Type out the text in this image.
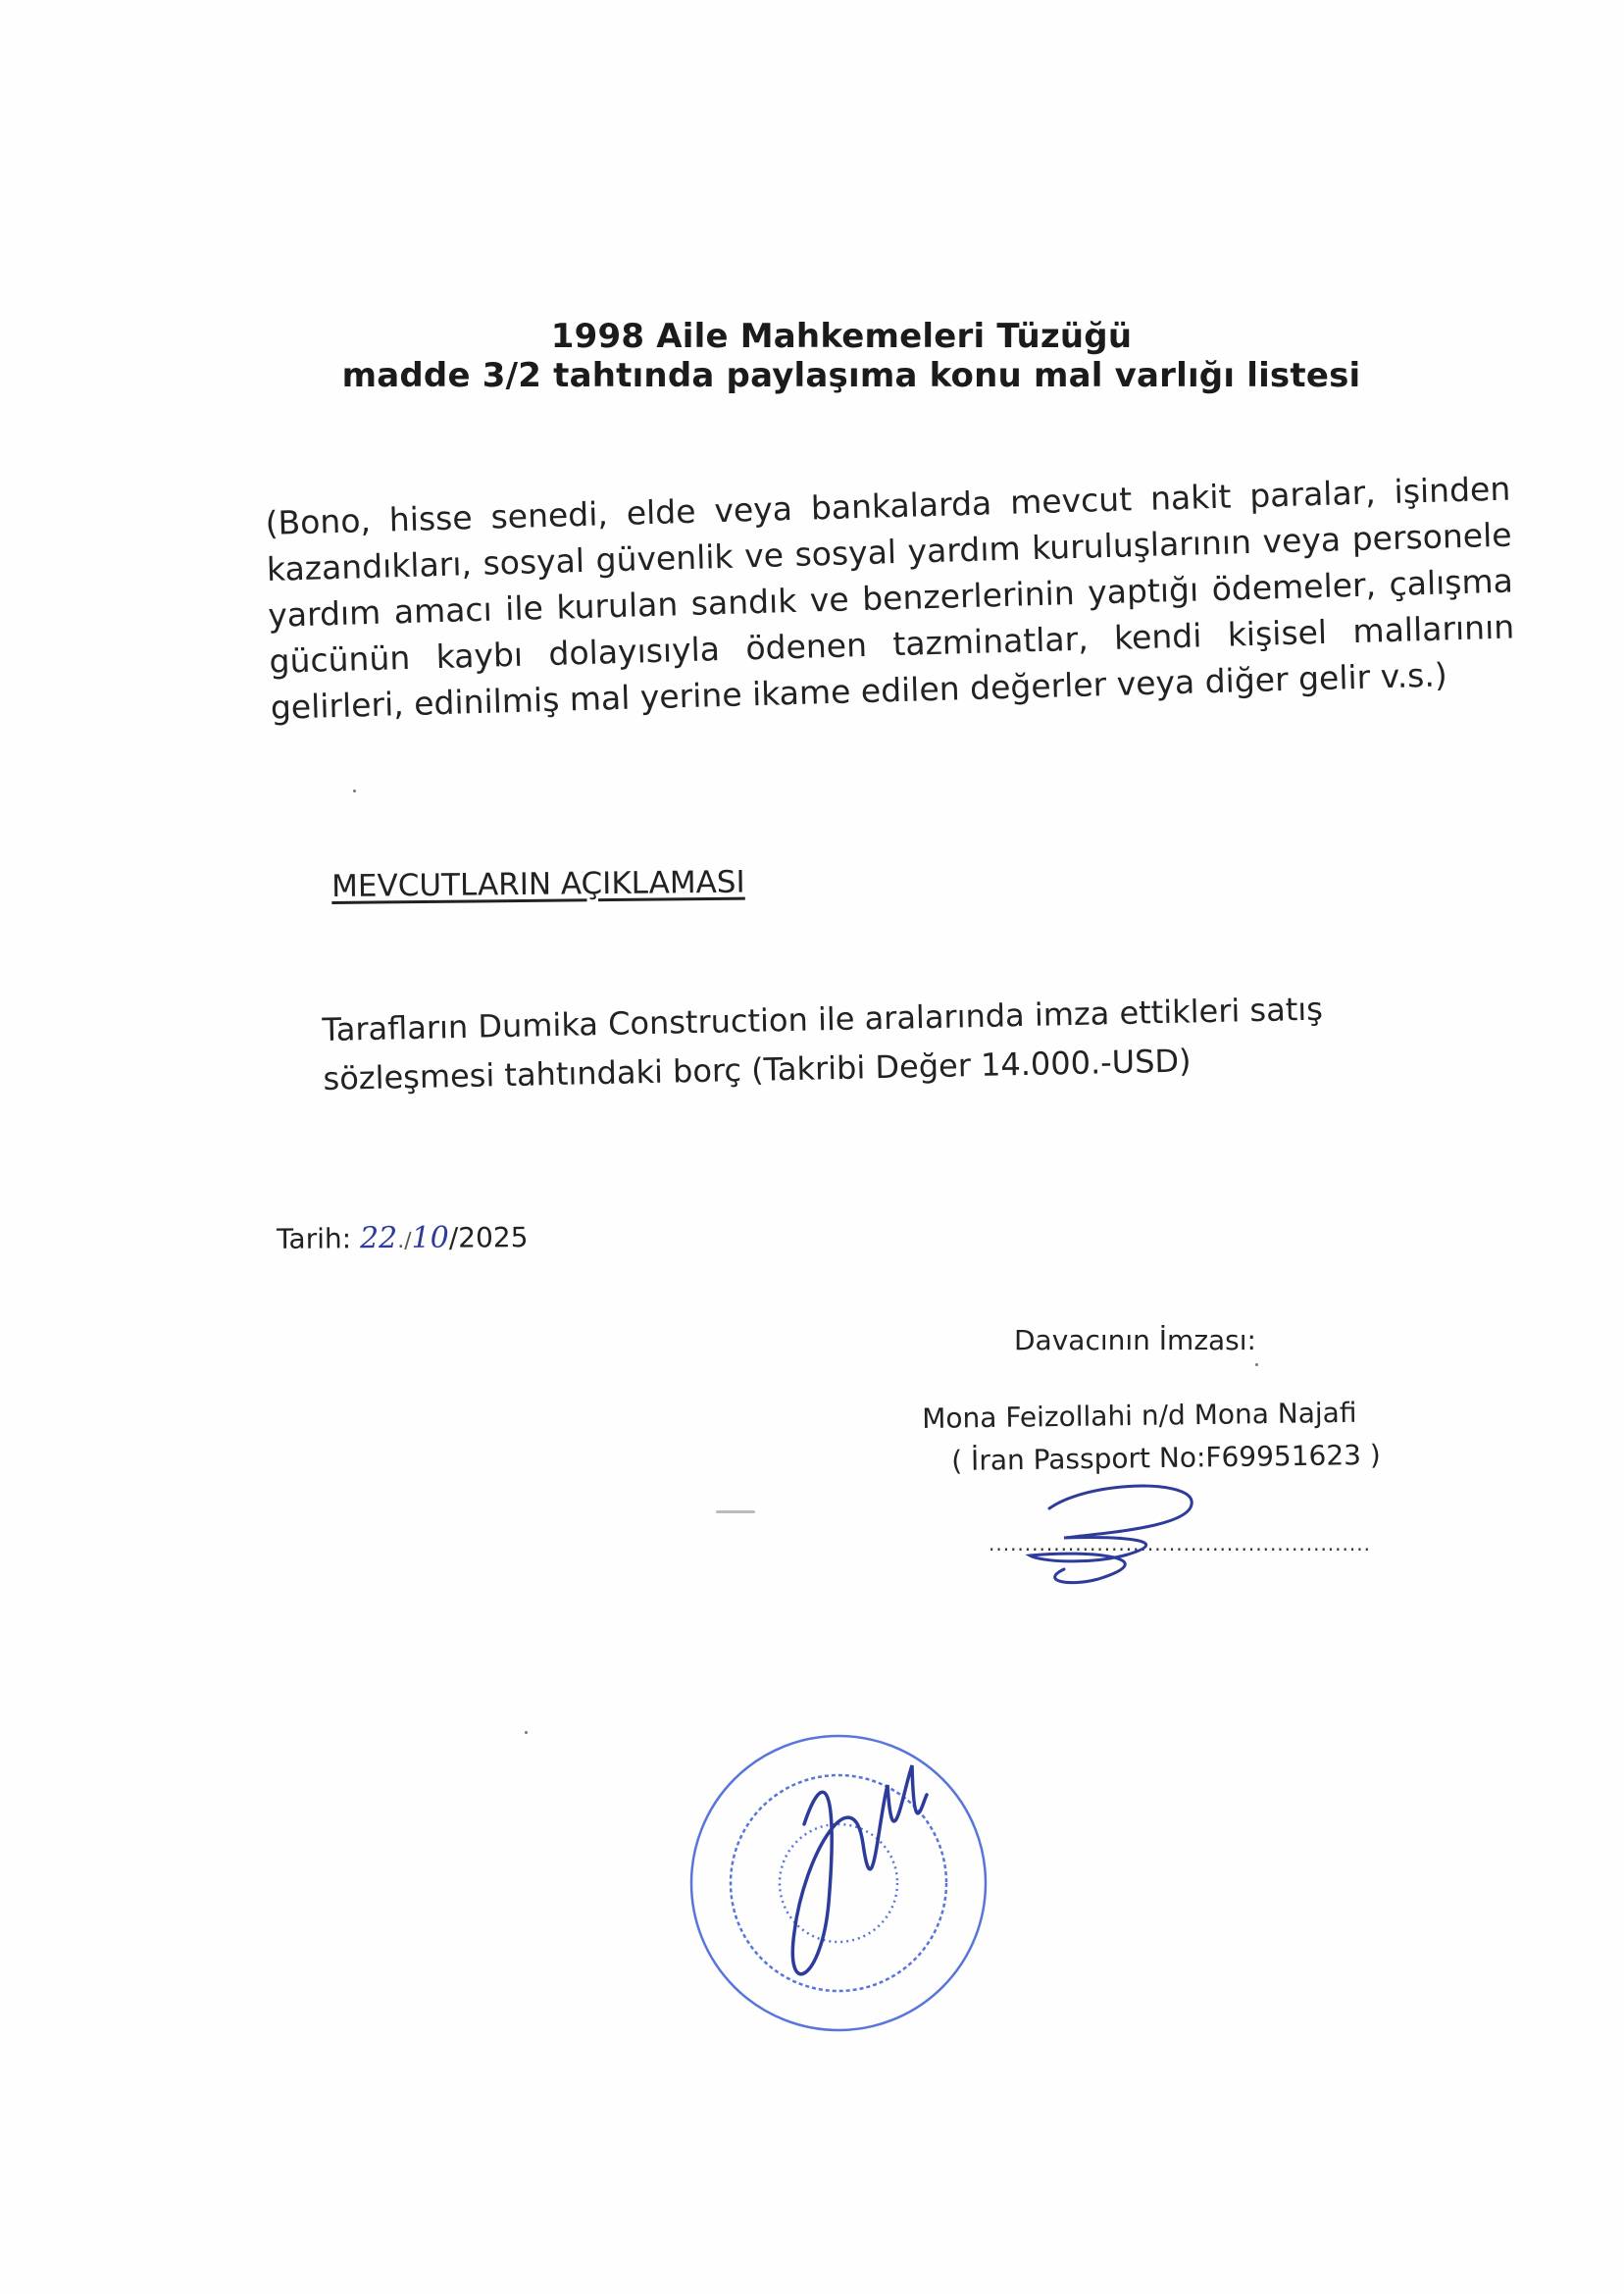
1998 Aile Mahkemeleri Tüzüğü
madde 3/2 tahtında paylaşıma konu mal varlığı listesi

(Bono, hisse senedi, elde veya bankalarda mevcut nakit paralar, işinden kazandıkları, sosyal güvenlik ve sosyal yardım kuruluşlarının veya personele yardım amacı ile kurulan sandık ve benzerlerinin yaptığı ödemeler, çalışma gücünün kaybı dolayısıyla ödenen tazminatlar, kendi kişisel mallarının gelirleri, edinilmiş mal yerine ikame edilen değerler veya diğer gelir v.s.)

MEVCUTLARIN AÇIKLAMASI
Tarafların Dumika Construction ile aralarında imza ettikleri satış
sözleşmesi tahtındaki borç (Takribi Değer 14.000.-USD)
Tarih: 22./10/2025
Davacının İmzası:
Mona Feizollahi n/d Mona Najafi
( İran Passport No:F69951623 )
.....................................................
